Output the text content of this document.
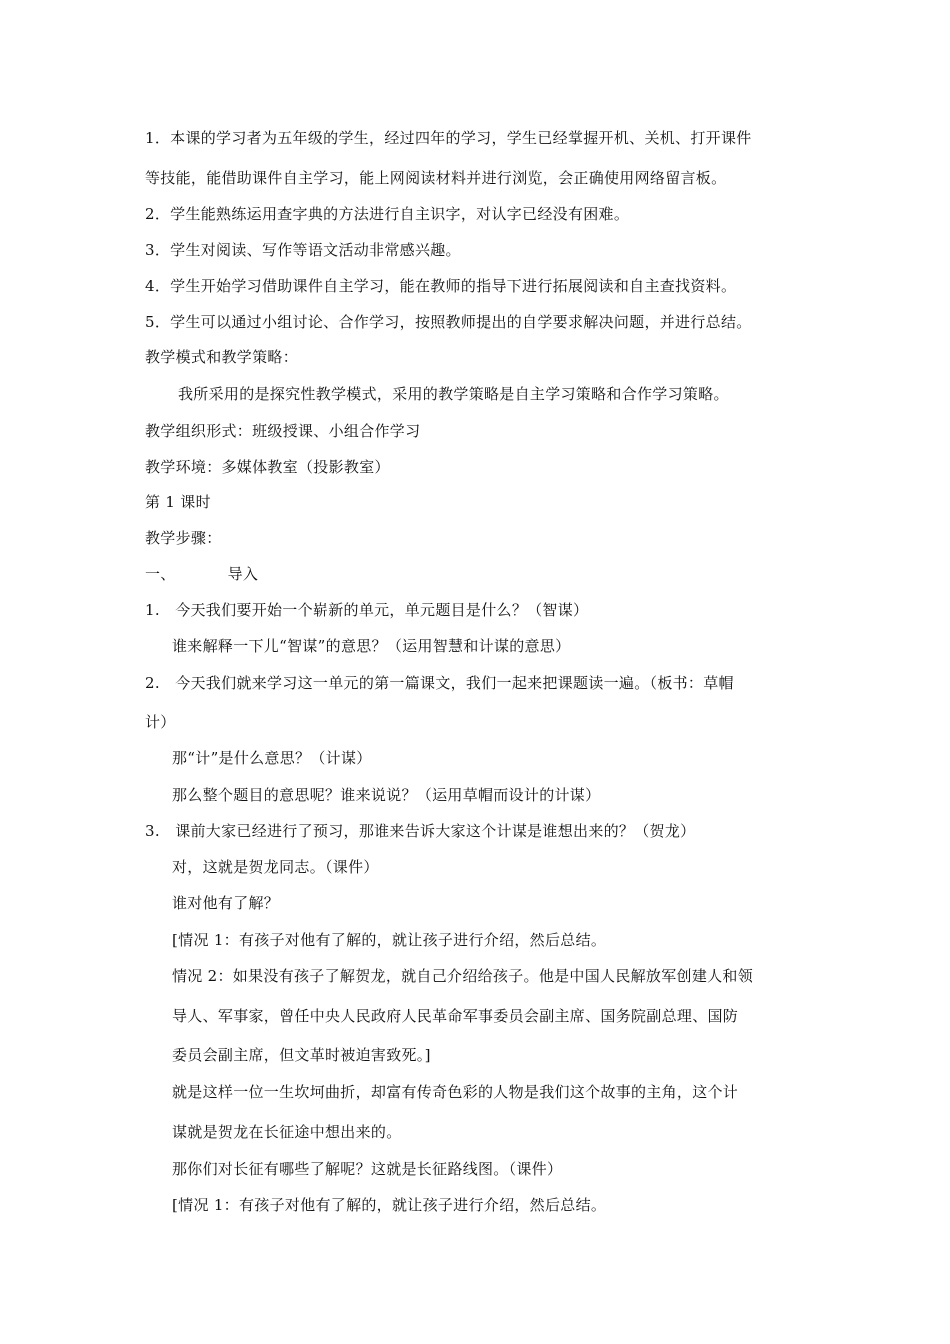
1．本课的学习者为五年级的学生，经过四年的学习，学生已经掌握开机、关机、打开课件
等技能，能借助课件自主学习，能上网阅读材料并进行浏览，会正确使用网络留言板。
2．学生能熟练运用查字典的方法进行自主识字，对认字已经没有困难。
3．学生对阅读、写作等语文活动非常感兴趣。
4．学生开始学习借助课件自主学习，能在教师的指导下进行拓展阅读和自主查找资料。
5．学生可以通过小组讨论、合作学习，按照教师提出的自学要求解决问题，并进行总结。
教学模式和教学策略：
我所采用的是探究性教学模式，采用的教学策略是自主学习策略和合作学习策略。
教学组织形式：班级授课、小组合作学习
教学环境：多媒体教室（投影教室）
第 1 课时
教学步骤：
一、	导入
1.　今天我们要开始一个崭新的单元，单元题目是什么？（智谋）
谁来解释一下儿“智谋”的意思？（运用智慧和计谋的意思）
2.　今天我们就来学习这一单元的第一篇课文，我们一起来把课题读一遍。（板书：草帽
计）
那“计”是什么意思？（计谋）
那么整个题目的意思呢？谁来说说？（运用草帽而设计的计谋）
3.　课前大家已经进行了预习，那谁来告诉大家这个计谋是谁想出来的？（贺龙）
对，这就是贺龙同志。（课件）
谁对他有了解？
[情况 1：有孩子对他有了解的，就让孩子进行介绍，然后总结。
情况 2：如果没有孩子了解贺龙，就自己介绍给孩子。他是中国人民解放军创建人和领
导人、军事家，曾任中央人民政府人民革命军事委员会副主席、国务院副总理、国防
委员会副主席，但文革时被迫害致死。]
就是这样一位一生坎坷曲折，却富有传奇色彩的人物是我们这个故事的主角，这个计
谋就是贺龙在长征途中想出来的。
那你们对长征有哪些了解呢？这就是长征路线图。（课件）
[情况 1：有孩子对他有了解的，就让孩子进行介绍，然后总结。
